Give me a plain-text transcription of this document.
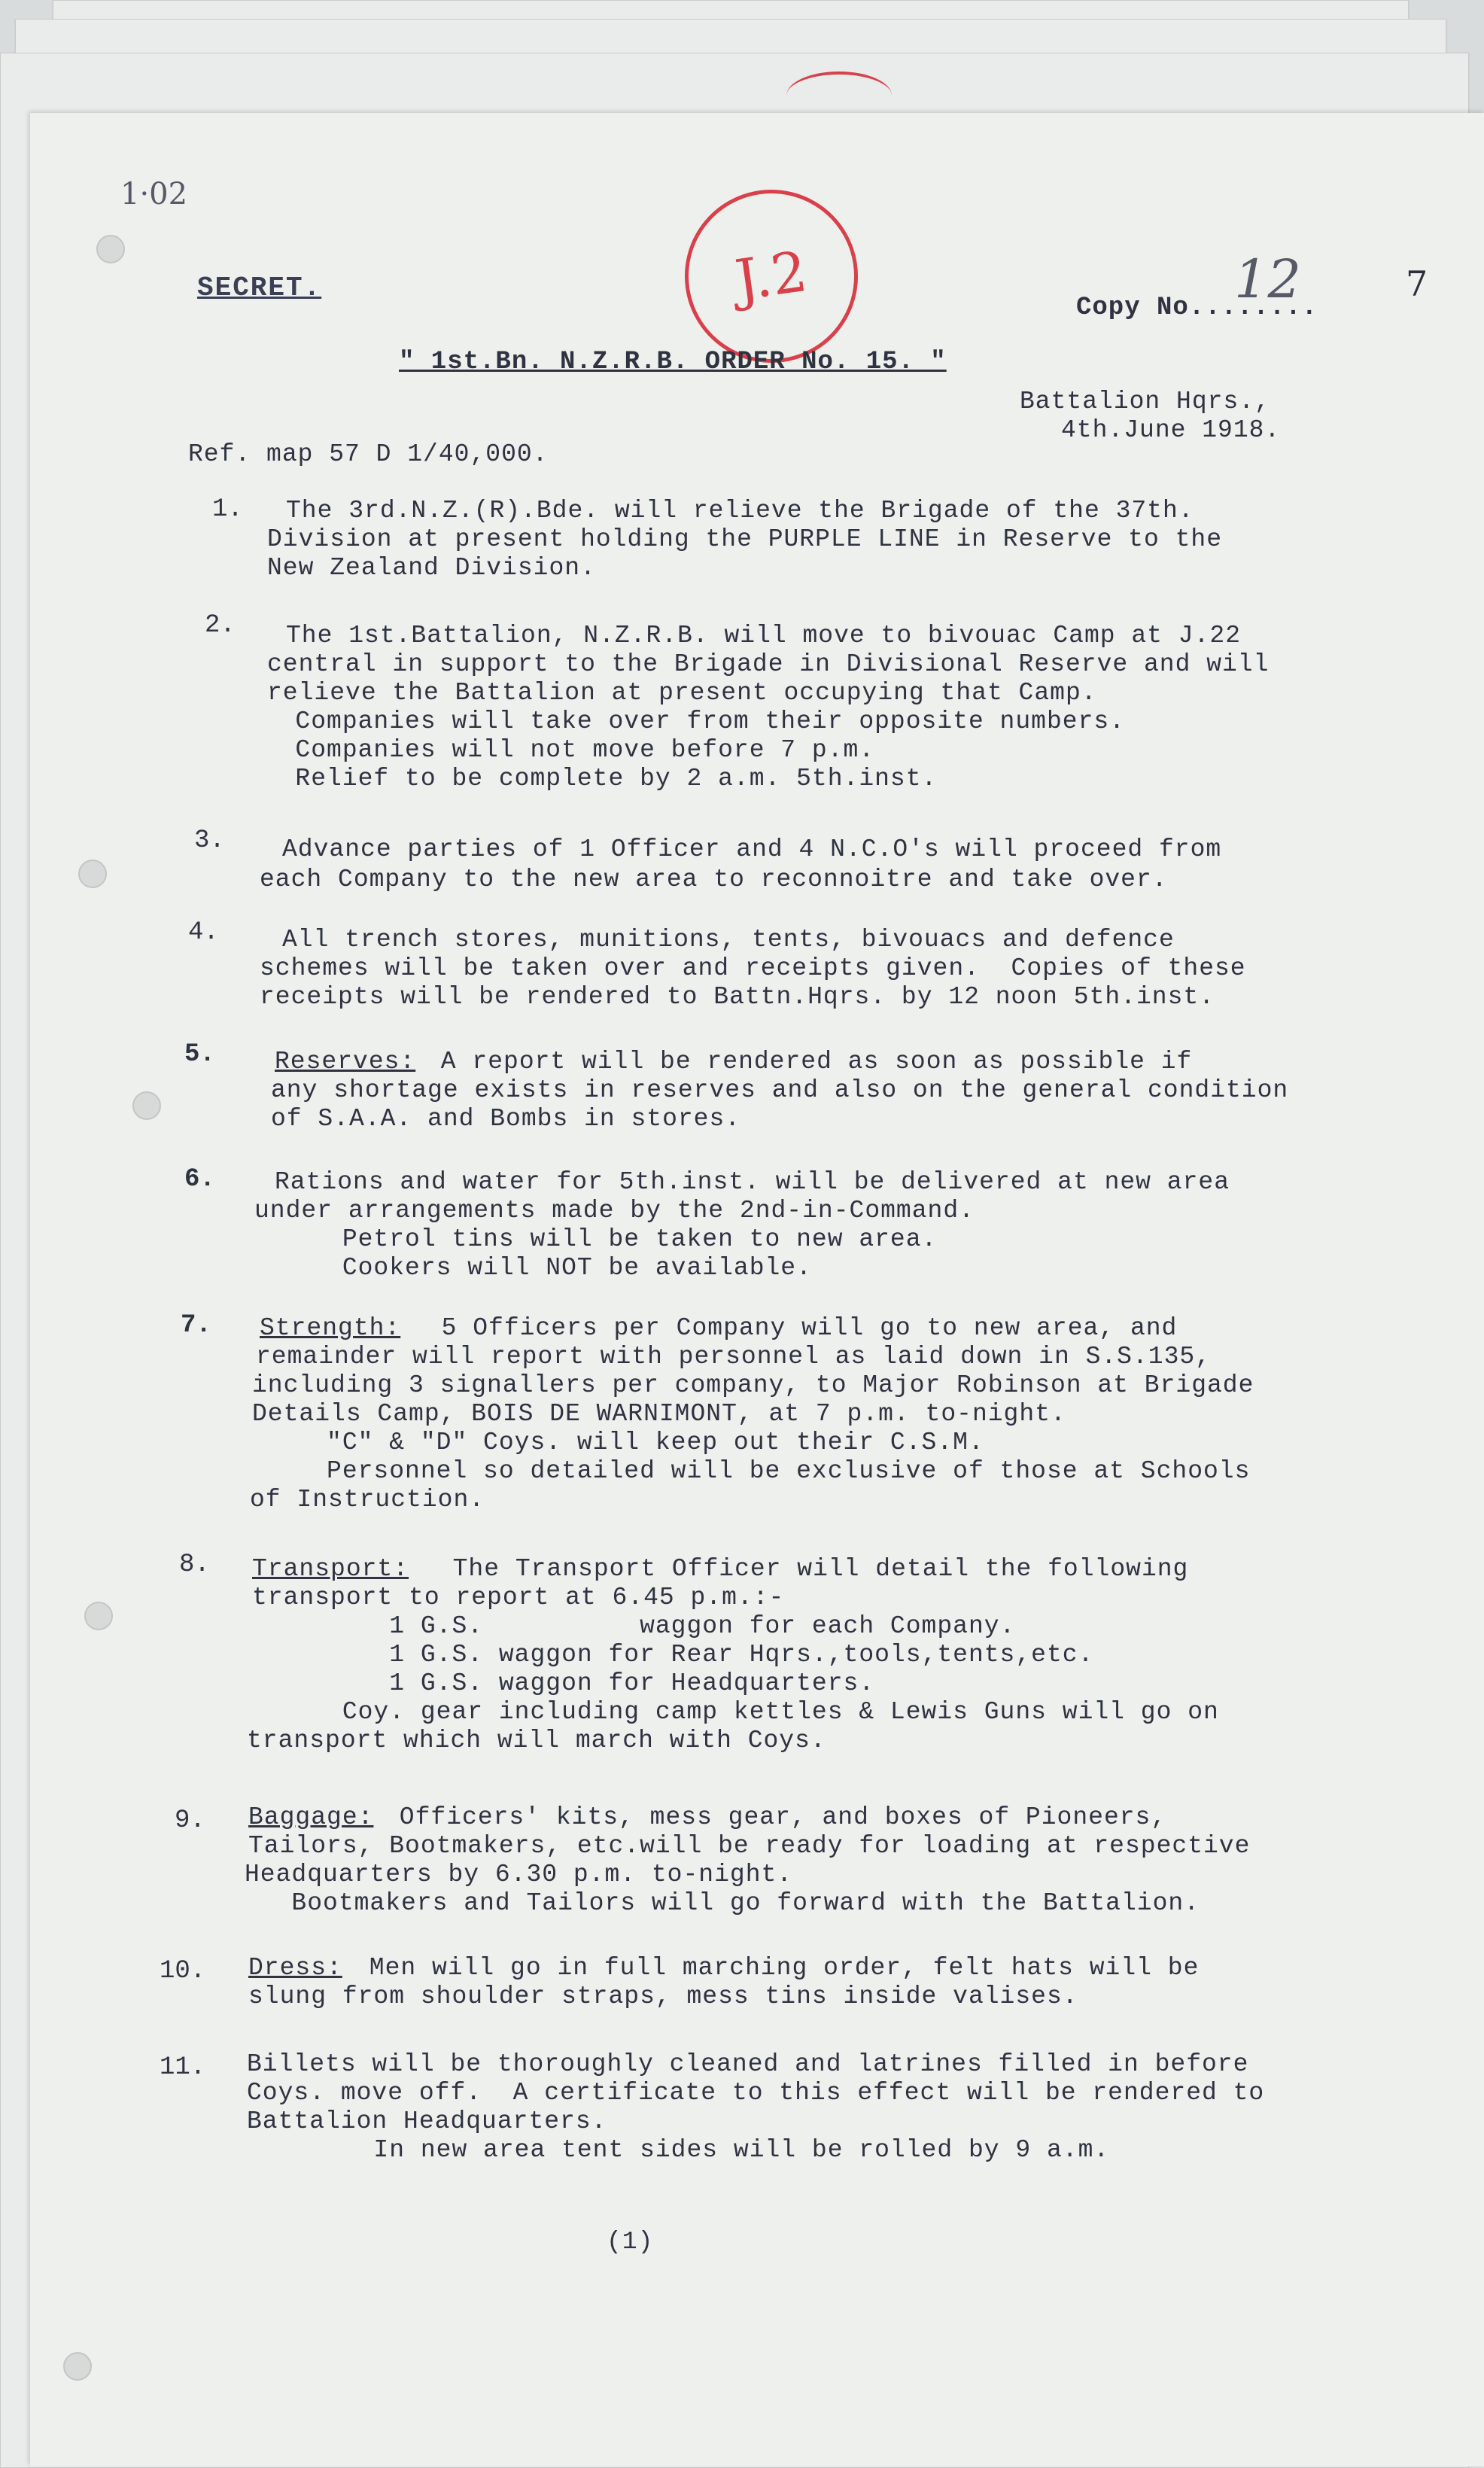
1·02
7
SECRET.	J.2	Copy No........
12
" 1st.Bn. N.Z.R.B. ORDER No. 15. "
Battalion Hqrs.,
4th.June 1918.
Ref. map 57 D 1/40,000.
1. The 3rd.N.Z.(R).Bde. will relieve the Brigade of the 37th.
Division at present holding the PURPLE LINE in Reserve to the
New Zealand Division.
2. The 1st.Battalion, N.Z.R.B. will move to bivouac Camp at J.22
central in support to the Brigade in Divisional Reserve and will
relieve the Battalion at present occupying that Camp.
Companies will take over from their opposite numbers.
Companies will not move before 7 p.m.
Relief to be complete by 2 a.m. 5th.inst.
3. Advance parties of 1 Officer and 4 N.C.O's will proceed from
each Company to the new area to reconnoitre and take over.
4.	All trench stores, munitions, tents, bivouacs and defence
schemes will be taken over and receipts given.  Copies of these
receipts will be rendered to Battn.Hqrs. by 12 noon 5th.inst.
5. Reserves: A report will be rendered as soon as possible if
any shortage exists in reserves and also on the general condition
of S.A.A. and Bombs in stores.
6. Rations and water for 5th.inst. will be delivered at new area
under arrangements made by the 2nd-in-Command.
Petrol tins will be taken to new area.
Cookers will NOT be available.
7. Strength: 5 Officers per Company will go to new area, and
remainder will report with personnel as laid down in S.S.135,
including 3 signallers per company, to Major Robinson at Brigade
Details Camp, BOIS DE WARNIMONT, at 7 p.m. to-night.
"C" & "D" Coys. will keep out their C.S.M.
Personnel so detailed will be exclusive of those at Schools
of Instruction.
8. Transport: The Transport Officer will detail the following
transport to report at 6.45 p.m.:-
1 G.S.          waggon for each Company.
1 G.S. waggon for Rear Hqrs.,tools,tents,etc.
1 G.S. waggon for Headquarters.
Coy. gear including camp kettles & Lewis Guns will go on
transport which will march with Coys.
9. Baggage: Officers' kits, mess gear, and boxes of Pioneers,
Tailors, Bootmakers, etc.will be ready for loading at respective
Headquarters by 6.30 p.m. to-night.
Bootmakers and Tailors will go forward with the Battalion.
10. Dress: Men will go in full marching order, felt hats will be
slung from shoulder straps, mess tins inside valises.
11. Billets will be thoroughly cleaned and latrines filled in before
Coys. move off.  A certificate to this effect will be rendered to
Battalion Headquarters.
In new area tent sides will be rolled by 9 a.m.
(1)
